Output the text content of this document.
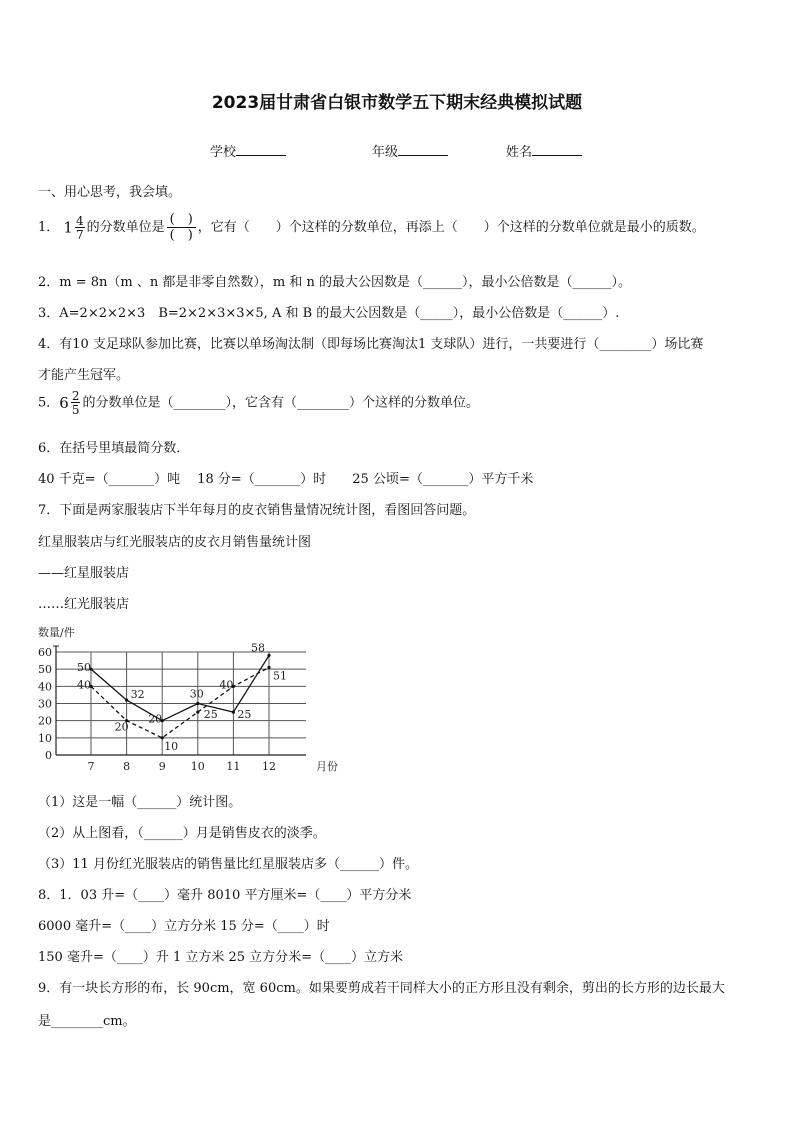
2023届甘肃省白银市数学五下期末经典模拟试题
学校	年级	姓名
一、用心思考，我会填。
1． $1 \frac{4}{7}$ 的分数单位是 $\frac{( )}{( )}$ ，它有（　　）个这样的分数单位，再添上（　　）个这样的分数单位就是最小的质数。
2．m = 8n（m 、n 都是非零自然数），m 和 n 的最大公因数是（______），最小公倍数是（______）。
3．A=2×2×2×3　B=2×2×3×3×5, A 和 B 的最大公因数是（_____），最小公倍数是（______）.
4．有10 支足球队参加比赛，比赛以单场淘汰制（即每场比赛淘汰1 支球队）进行，一共要进行（________）场比赛
才能产生冠军。
5．$6 \frac{2}{5}$ 的分数单位是（________），它含有（________）个这样的分数单位。
6．在括号里填最简分数．
40 千克=（_______）吨　 18 分=（_______）时　　25 公顷=（_______）平方千米
7．下面是两家服装店下半年每月的皮衣销售量情况统计图，看图回答问题。
红星服装店与红光服装店的皮衣月销售量统计图
——红星服装店
……红光服装店
数量/件
0
10
20
30
40
50
60
7	8	9 10 11 12	月份
50
32
20
30
25
58
40
20
10
25
40
51
（1）这是一幅（______）统计图。
（2）从上图看，（______）月是销售皮衣的淡季。
（3）11 月份红光服装店的销售量比红星服装店多（______）件。
8．1．03 升=（____）毫升 8010 平方厘米=（____）平方分米
6000 毫升=（____）立方分米 15 分=（____）时
150 毫升=（____）升 1 立方米 25 立方分米=（____）立方米
9．有一块长方形的布，长 90cm，宽 60cm。如果要剪成若干同样大小的正方形且没有剩余，剪出的长方形的边长最大
是________cm。
